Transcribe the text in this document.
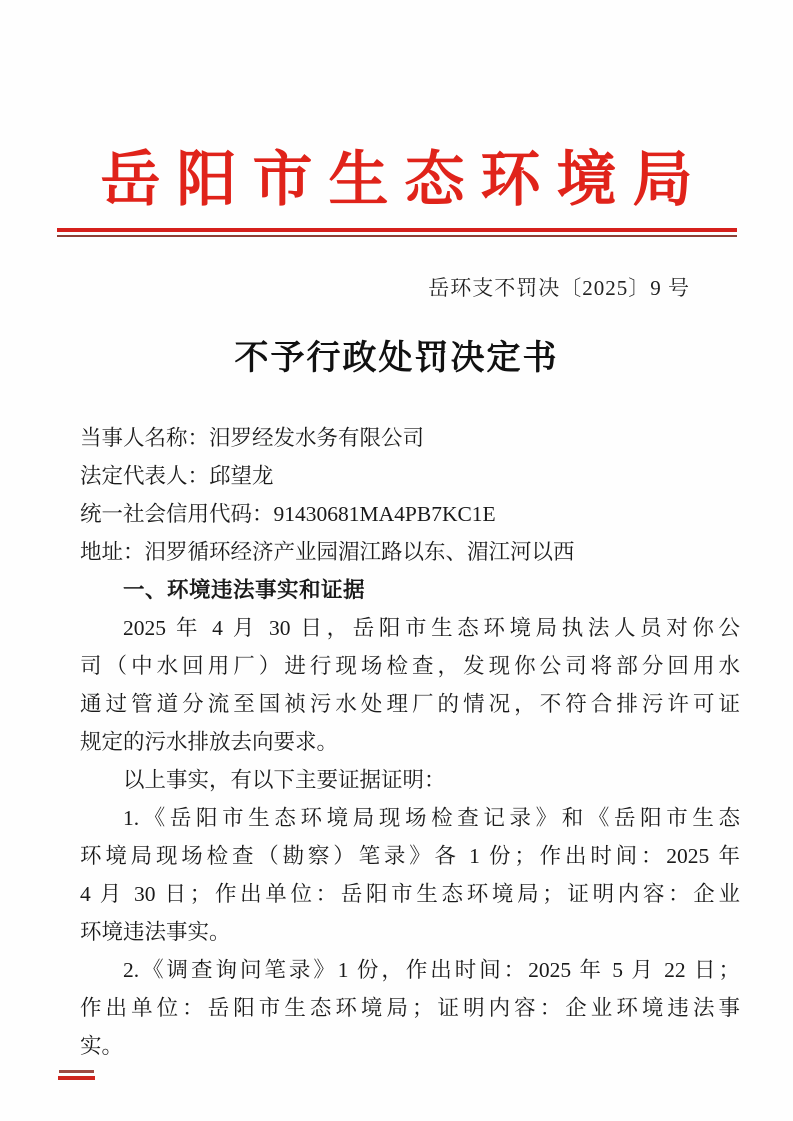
岳阳市生态环境局
岳环支不罚决〔2025〕9 号
不予行政处罚决定书
当事人名称：汨罗经发水务有限公司
法定代表人：邱望龙
统一社会信用代码：91430681MA4PB7KC1E
地址：汨罗循环经济产业园湄江路以东、湄江河以西
一、环境违法事实和证据
2025 年 4 月 30 日，岳阳市生态环境局执法人员对你公
司（中水回用厂）进行现场检查，发现你公司将部分回用水
通过管道分流至国祯污水处理厂的情况，不符合排污许可证
规定的污水排放去向要求。
以上事实，有以下主要证据证明：
1.《岳阳市生态环境局现场检查记录》和《岳阳市生态
环境局现场检查（勘察）笔录》各 1 份；作出时间：2025 年
4 月 30 日；作出单位：岳阳市生态环境局；证明内容：企业
环境违法事实。
2.《调查询问笔录》1 份，作出时间：2025 年 5 月 22 日；
作出单位：岳阳市生态环境局；证明内容：企业环境违法事
实。
